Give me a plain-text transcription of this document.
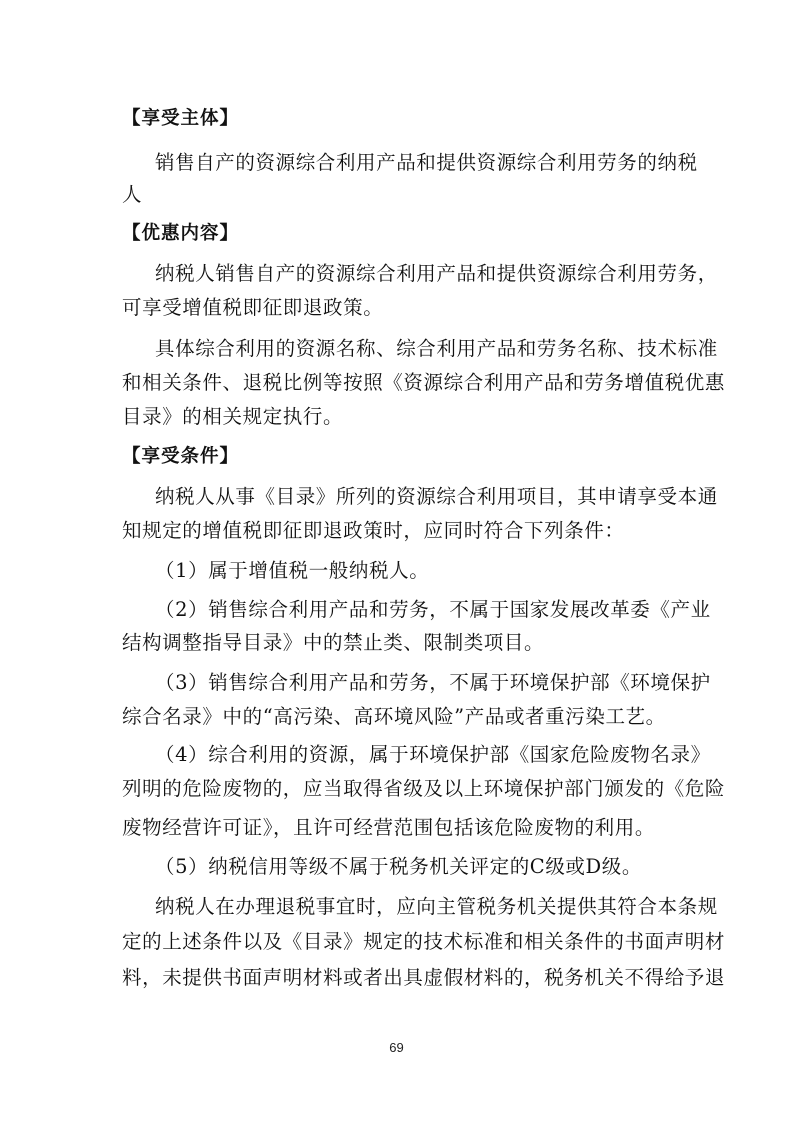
【享受主体】
销售自产的资源综合利用产品和提供资源综合利用劳务的纳税
人
【优惠内容】
纳税人销售自产的资源综合利用产品和提供资源综合利用劳务，
可享受增值税即征即退政策。
具体综合利用的资源名称、综合利用产品和劳务名称、技术标准
和相关条件、退税比例等按照《资源综合利用产品和劳务增值税优惠
目录》的相关规定执行。
【享受条件】
纳税人从事《目录》所列的资源综合利用项目，其申请享受本通
知规定的增值税即征即退政策时，应同时符合下列条件：
（1）属于增值税一般纳税人。
（2）销售综合利用产品和劳务，不属于国家发展改革委《产业
结构调整指导目录》中的禁止类、限制类项目。
（3）销售综合利用产品和劳务，不属于环境保护部《环境保护
综合名录》中的“高污染、高环境风险”产品或者重污染工艺。
（4）综合利用的资源，属于环境保护部《国家危险废物名录》
列明的危险废物的，应当取得省级及以上环境保护部门颁发的《危险
废物经营许可证》，且许可经营范围包括该危险废物的利用。
（5）纳税信用等级不属于税务机关评定的C级或D级。
纳税人在办理退税事宜时，应向主管税务机关提供其符合本条规
定的上述条件以及《目录》规定的技术标准和相关条件的书面声明材
料，未提供书面声明材料或者出具虚假材料的，税务机关不得给予退
69
